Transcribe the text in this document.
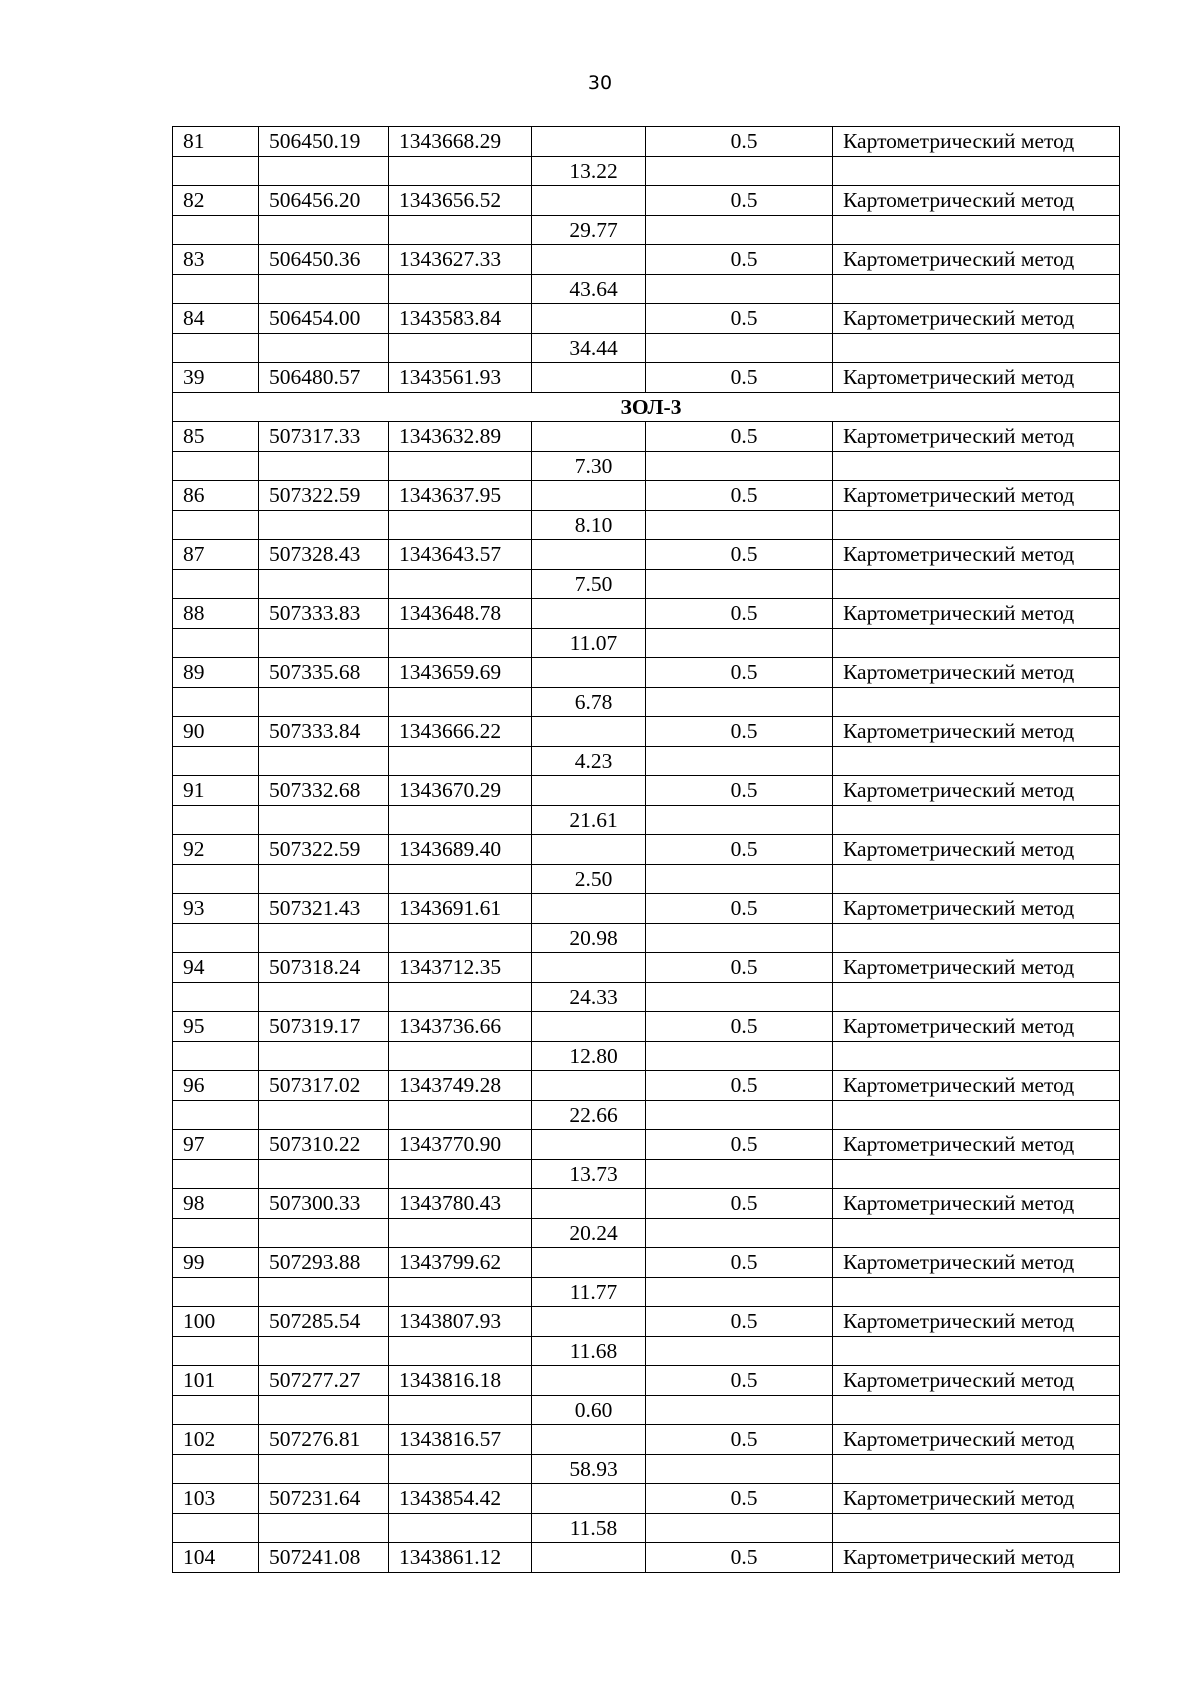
30
81	506450.19	1343668.29		0.5	Картометрический метод
			13.22		
82	506456.20	1343656.52		0.5	Картометрический метод
			29.77		
83	506450.36	1343627.33		0.5	Картометрический метод
			43.64		
84	506454.00	1343583.84		0.5	Картометрический метод
			34.44		
39	506480.57	1343561.93		0.5	Картометрический метод
ЗОЛ-3					
85	507317.33	1343632.89		0.5	Картометрический метод
			7.30		
86	507322.59	1343637.95		0.5	Картометрический метод
			8.10		
87	507328.43	1343643.57		0.5	Картометрический метод
			7.50		
88	507333.83	1343648.78		0.5	Картометрический метод
			11.07		
89	507335.68	1343659.69		0.5	Картометрический метод
			6.78		
90	507333.84	1343666.22		0.5	Картометрический метод
			4.23		
91	507332.68	1343670.29		0.5	Картометрический метод
			21.61		
92	507322.59	1343689.40		0.5	Картометрический метод
			2.50		
93	507321.43	1343691.61		0.5	Картометрический метод
			20.98		
94	507318.24	1343712.35		0.5	Картометрический метод
			24.33		
95	507319.17	1343736.66		0.5	Картометрический метод
			12.80		
96	507317.02	1343749.28		0.5	Картометрический метод
			22.66		
97	507310.22	1343770.90		0.5	Картометрический метод
			13.73		
98	507300.33	1343780.43		0.5	Картометрический метод
			20.24		
99	507293.88	1343799.62		0.5	Картометрический метод
			11.77		
100	507285.54	1343807.93		0.5	Картометрический метод
			11.68		
101	507277.27	1343816.18		0.5	Картометрический метод
			0.60		
102	507276.81	1343816.57		0.5	Картометрический метод
			58.93		
103	507231.64	1343854.42		0.5	Картометрический метод
			11.58		
104	507241.08	1343861.12		0.5	Картометрический метод
